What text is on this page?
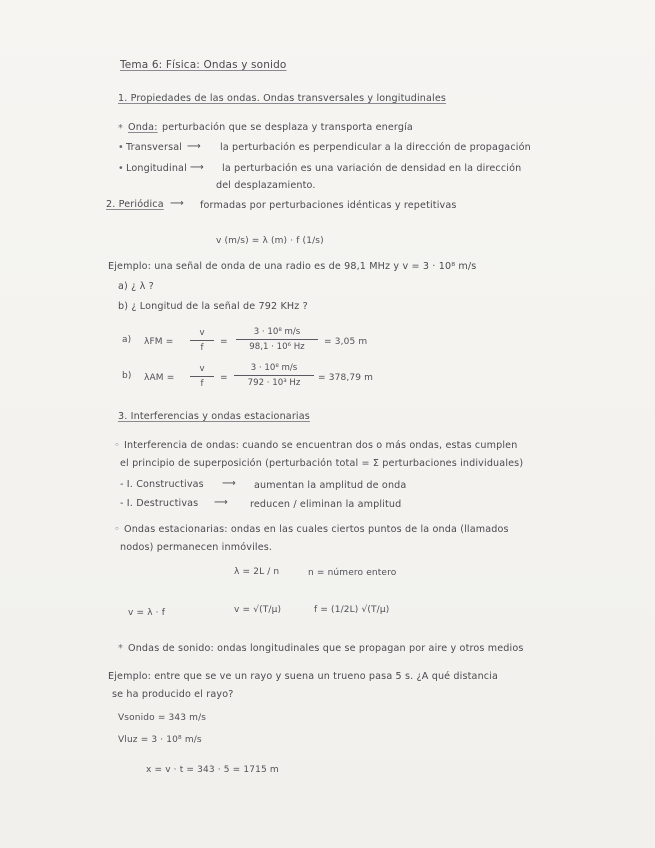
Tema 6: Física: Ondas y sonido
1. Propiedades de las ondas. Ondas transversales y longitudinales
* Onda: perturbación que se desplaza y transporta energía
• Transversal ⟶ la perturbación es perpendicular a la dirección de propagación
• Longitudinal ⟶ la perturbación es una variación de densidad en la dirección
del desplazamiento.
2. Periódica ⟶ formadas por perturbaciones idénticas y repetitivas
v (m/s) = λ (m) · f (1/s)
Ejemplo: una señal de onda de una radio es de 98,1 MHz y v = 3 · 10⁸ m/s
a) ¿ λ ?
b) ¿ Longitud de la señal de 792 KHz ?
a) λFM =
v
f
=
3 · 10⁸ m/s
98,1 · 10⁶ Hz = 3,05 m
b) λAM =
v
f
=
3 · 10⁸ m/s
792 · 10³ Hz = 378,79 m
3. Interferencias y ondas estacionarias
◦ Interferencia de ondas: cuando se encuentran dos o más ondas, estas cumplen
el principio de superposición (perturbación total = Σ perturbaciones individuales)
- I. Constructivas ⟶ aumentan la amplitud de onda
- I. Destructivas ⟶ reducen / eliminan la amplitud
◦ Ondas estacionarias: ondas en las cuales ciertos puntos de la onda (llamados
nodos) permanecen inmóviles.
λ = 2L / n	n = número entero
v = λ · f	v = √(T/μ)	f = (1/2L) √(T/μ)
* Ondas de sonido: ondas longitudinales que se propagan por aire y otros medios
Ejemplo: entre que se ve un rayo y suena un trueno pasa 5 s. ¿A qué distancia
se ha producido el rayo?
Vsonido = 343 m/s
Vluz = 3 · 10⁸ m/s
x = v · t = 343 · 5 = 1715 m
